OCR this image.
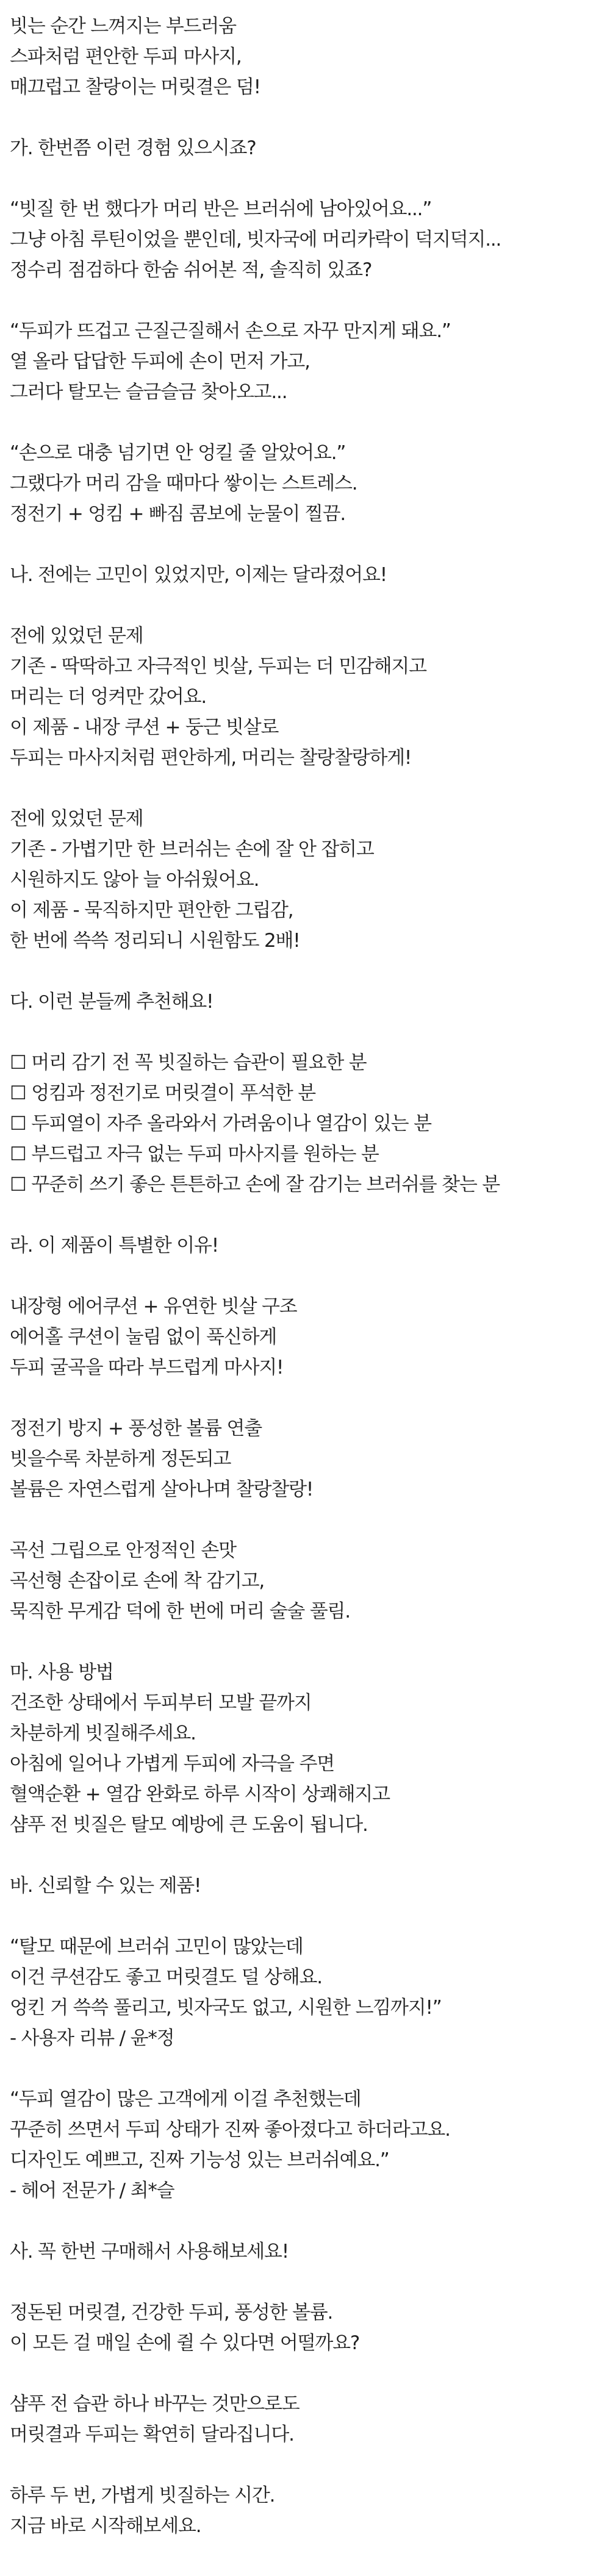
빗는 순간 느껴지는 부드러움
스파처럼 편안한 두피 마사지,
매끄럽고 찰랑이는 머릿결은 덤!
가. 한번쯤 이런 경험 있으시죠?
“빗질 한 번 했다가 머리 반은 브러쉬에 남아있어요...”
그냥 아침 루틴이었을 뿐인데, 빗자국에 머리카락이 덕지덕지...
정수리 점검하다 한숨 쉬어본 적, 솔직히 있죠?
“두피가 뜨겁고 근질근질해서 손으로 자꾸 만지게 돼요.”
열 올라 답답한 두피에 손이 먼저 가고,
그러다 탈모는 슬금슬금 찾아오고...
“손으로 대충 넘기면 안 엉킬 줄 알았어요.”
그랬다가 머리 감을 때마다 쌓이는 스트레스.
정전기 + 엉킴 + 빠짐 콤보에 눈물이 찔끔.
나. 전에는 고민이 있었지만, 이제는 달라졌어요!
전에 있었던 문제
기존 - 딱딱하고 자극적인 빗살, 두피는 더 민감해지고
머리는 더 엉켜만 갔어요.
이 제품 - 내장 쿠션 + 둥근 빗살로
두피는 마사지처럼 편안하게, 머리는 찰랑찰랑하게!
전에 있었던 문제
기존 - 가볍기만 한 브러쉬는 손에 잘 안 잡히고
시원하지도 않아 늘 아쉬웠어요.
이 제품 - 묵직하지만 편안한 그립감,
한 번에 쓱쓱 정리되니 시원함도 2배!
다. 이런 분들께 추천해요!
☐ 머리 감기 전 꼭 빗질하는 습관이 필요한 분
☐ 엉킴과 정전기로 머릿결이 푸석한 분
☐ 두피열이 자주 올라와서 가려움이나 열감이 있는 분
☐ 부드럽고 자극 없는 두피 마사지를 원하는 분
☐ 꾸준히 쓰기 좋은 튼튼하고 손에 잘 감기는 브러쉬를 찾는 분
라. 이 제품이 특별한 이유!
내장형 에어쿠션 + 유연한 빗살 구조
에어홀 쿠션이 눌림 없이 푹신하게
두피 굴곡을 따라 부드럽게 마사지!
정전기 방지 + 풍성한 볼륨 연출
빗을수록 차분하게 정돈되고
볼륨은 자연스럽게 살아나며 찰랑찰랑!
곡선 그립으로 안정적인 손맛
곡선형 손잡이로 손에 착 감기고,
묵직한 무게감 덕에 한 번에 머리 술술 풀림.
마. 사용 방법
건조한 상태에서 두피부터 모발 끝까지
차분하게 빗질해주세요.
아침에 일어나 가볍게 두피에 자극을 주면
혈액순환 + 열감 완화로 하루 시작이 상쾌해지고
샴푸 전 빗질은 탈모 예방에 큰 도움이 됩니다.
바. 신뢰할 수 있는 제품!
“탈모 때문에 브러쉬 고민이 많았는데
이건 쿠션감도 좋고 머릿결도 덜 상해요.
엉킨 거 쓱쓱 풀리고, 빗자국도 없고, 시원한 느낌까지!”
- 사용자 리뷰 / 윤*정
“두피 열감이 많은 고객에게 이걸 추천했는데
꾸준히 쓰면서 두피 상태가 진짜 좋아졌다고 하더라고요.
디자인도 예쁘고, 진짜 기능성 있는 브러쉬예요.”
- 헤어 전문가 / 최*슬
사. 꼭 한번 구매해서 사용해보세요!
정돈된 머릿결, 건강한 두피, 풍성한 볼륨.
이 모든 걸 매일 손에 쥘 수 있다면 어떨까요?
샴푸 전 습관 하나 바꾸는 것만으로도
머릿결과 두피는 확연히 달라집니다.
하루 두 번, 가볍게 빗질하는 시간.
지금 바로 시작해보세요.
